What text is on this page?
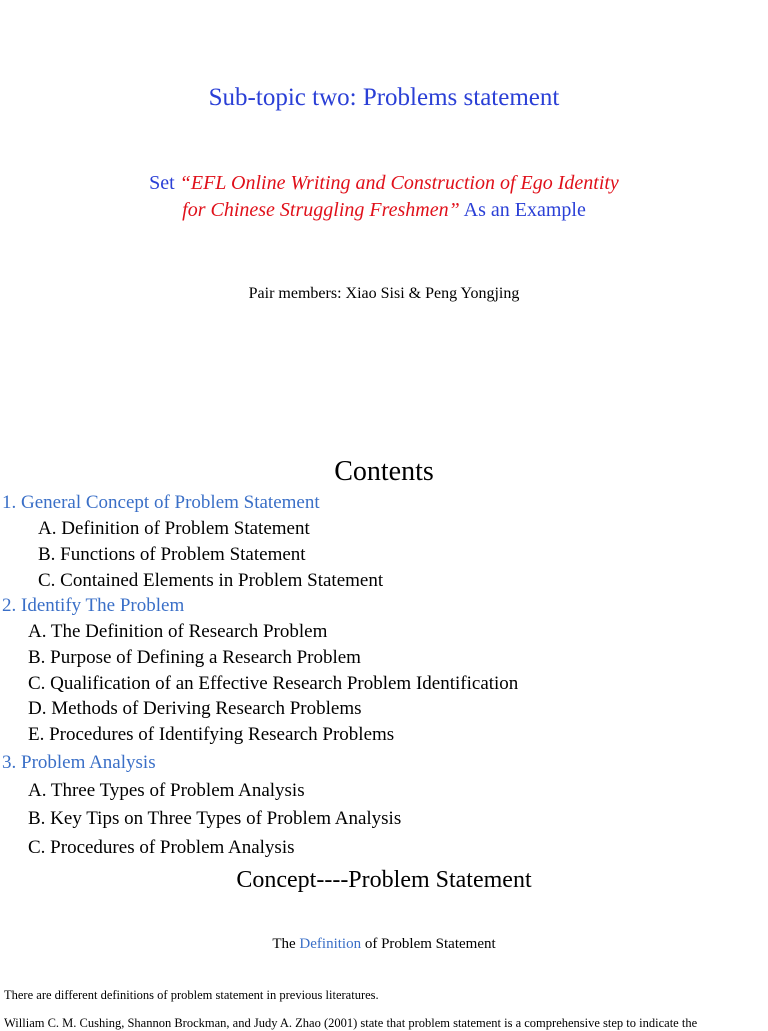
Sub-topic two: Problems statement
Set “EFL Online Writing and Construction of Ego Identity
for Chinese Struggling Freshmen” As an Example
Pair members: Xiao Sisi & Peng Yongjing
Contents
1. General Concept of Problem Statement
A. Definition of Problem Statement
B. Functions of Problem Statement
C. Contained Elements in Problem Statement
2. Identify The Problem
A. The Definition of Research Problem
B. Purpose of Defining a Research Problem
C. Qualification of an Effective Research Problem Identification
D. Methods of Deriving Research Problems
E. Procedures of Identifying Research Problems
3. Problem Analysis
A. Three Types of Problem Analysis
B. Key Tips on Three Types of Problem Analysis
C. Procedures of Problem Analysis
Concept----Problem Statement
The Definition of Problem Statement
There are different definitions of problem statement in previous literatures.
William C. M. Cushing, Shannon Brockman, and Judy A. Zhao (2001) state that problem statement is a comprehensive step to indicate the
